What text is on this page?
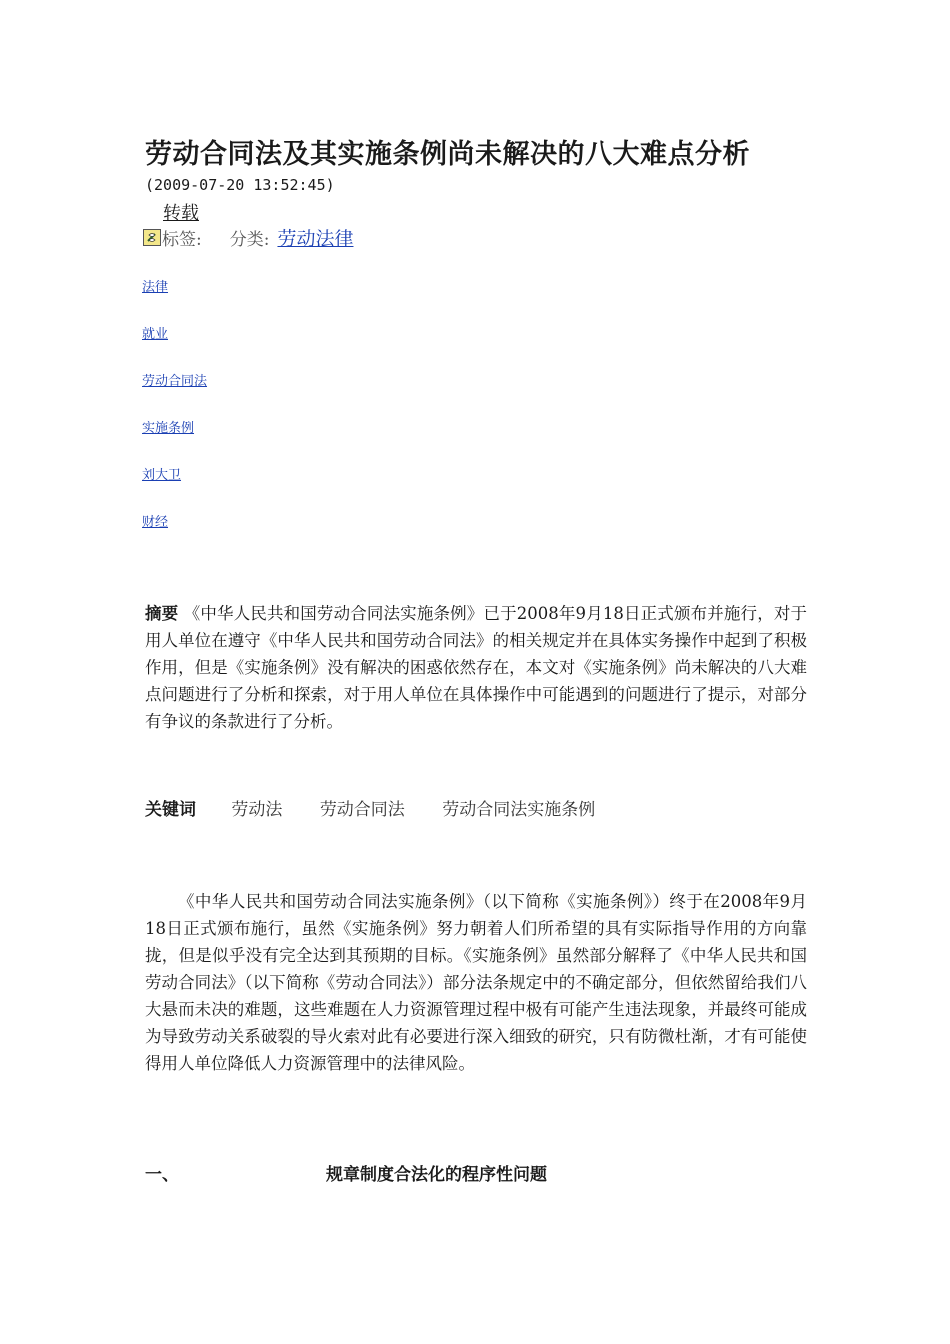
劳动合同法及其实施条例尚未解决的八大难点分析
(2009-07-20 13:52:45)
转载
标签: 分类: 劳动法律
法律
就业
劳动合同法
实施条例
刘大卫
财经
摘要 《中华人民共和国劳动合同法实施条例》已于2008年9月18日正式颁布并施行，对于用人单位在遵守《中华人民共和国劳动合同法》的相关规定并在具体实务操作中起到了积极作用，但是《实施条例》没有解决的困惑依然存在，本文对《实施条例》尚未解决的八大难点问题进行了分析和探索，对于用人单位在具体操作中可能遇到的问题进行了提示，对部分有争议的条款进行了分析。
关键词 劳动法 劳动合同法 劳动合同法实施条例
《中华人民共和国劳动合同法实施条例》（以下简称《实施条例》）终于在2008年9月18日正式颁布施行，虽然《实施条例》努力朝着人们所希望的具有实际指导作用的方向靠拢，但是似乎没有完全达到其预期的目标。《实施条例》虽然部分解释了《中华人民共和国劳动合同法》（以下简称《劳动合同法》）部分法条规定中的不确定部分，但依然留给我们八大悬而未决的难题，这些难题在人力资源管理过程中极有可能产生违法现象，并最终可能成为导致劳动关系破裂的导火索对此有必要进行深入细致的研究，只有防微杜渐，才有可能使得用人单位降低人力资源管理中的法律风险。
一、	规章制度合法化的程序性问题
